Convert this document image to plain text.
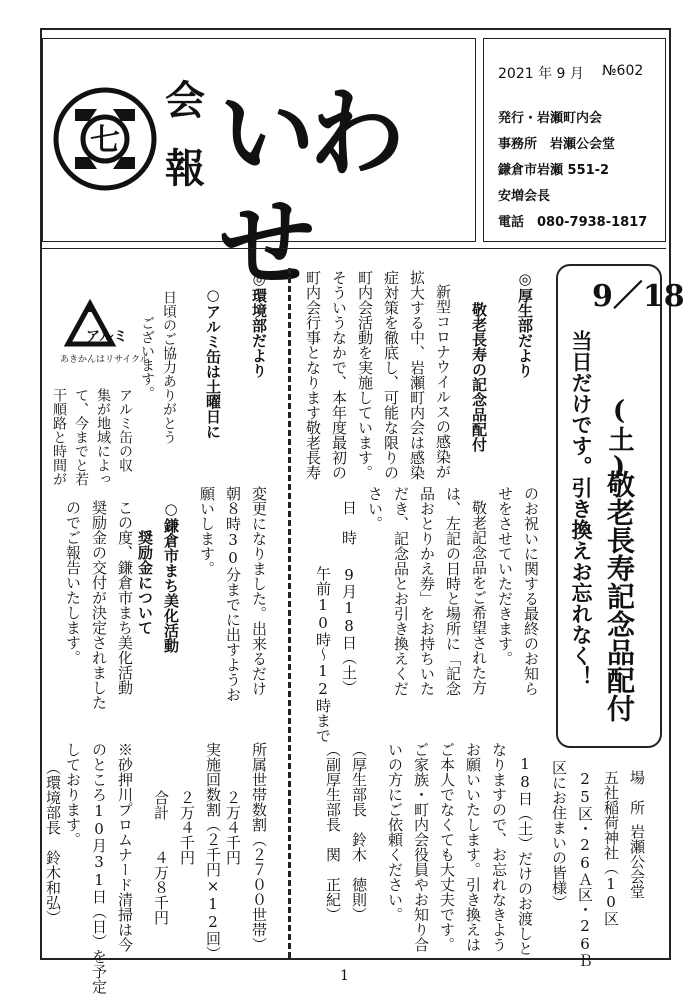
七
会
報 いわせ
2021 年 9 月 №602
発行・岩瀬町内会
事務所　岩瀬公会堂
鎌倉市岩瀬 551-2
安増会長
電話　080-7938-1817
9／18
(土)
敬老長寿記念品配付
当日だけです。引き換えお忘れなく！
◎厚生部だより
敬老長寿の記念品配付
新型コロナウイルスの感染が
拡大する中、岩瀬町内会は感染
症対策を徹底し、可能な限りの
町内会活動を実施しています。
そういうなかで、本年度最初の
町内会行事となります敬老長寿
のお祝いに関する最終のお知ら
せをさせていただきます。
敬老記念品をご希望された方
は、左記の日時と場所に「記念
品おとりかえ券」をお持ちいた
だき、記念品とお引き換えくだ
さい。
日　時
9月18日（土）
午前10時～12時まで
場　所
岩瀬公会堂
五社稲荷神社（10区
25区・26Ａ区・26Ｂ
区にお住まいの皆様）
18日（土）だけのお渡しと
なりますので、お忘れなきよう
お願いいたします。引き換えは
ご本人でなくても大丈夫です。
ご家族・町内会役員やお知り合
いの方にご依頼ください。
（厚生部長　鈴木　徳則）
（副厚生部長　関　正紀）
◎環境部だより
○アルミ缶は土曜日に
変更になりました。出来るだけ
朝８時30分までに出すようお
願いします。
○鎌倉市まち美化活動
奨励金について
所属世帯数割（２７００世帯）
２万４千円
実施回数割（２千円×12回）
２万４千円
合計　　４万８千円
※砂押川プロムナード清掃は今
のところ10月31日（日）を予定
しております。
（環境部長　鈴木和弘）
日頃のご協力ありがとう
ございます。
アルミ缶の収
集が地域によっ
て、今までと若
干順路と時間が
この度、鎌倉市まち美化活動
奨励金の交付が決定されました
のでご報告いたします。
アルミ
あきかんはリサイクル
1
